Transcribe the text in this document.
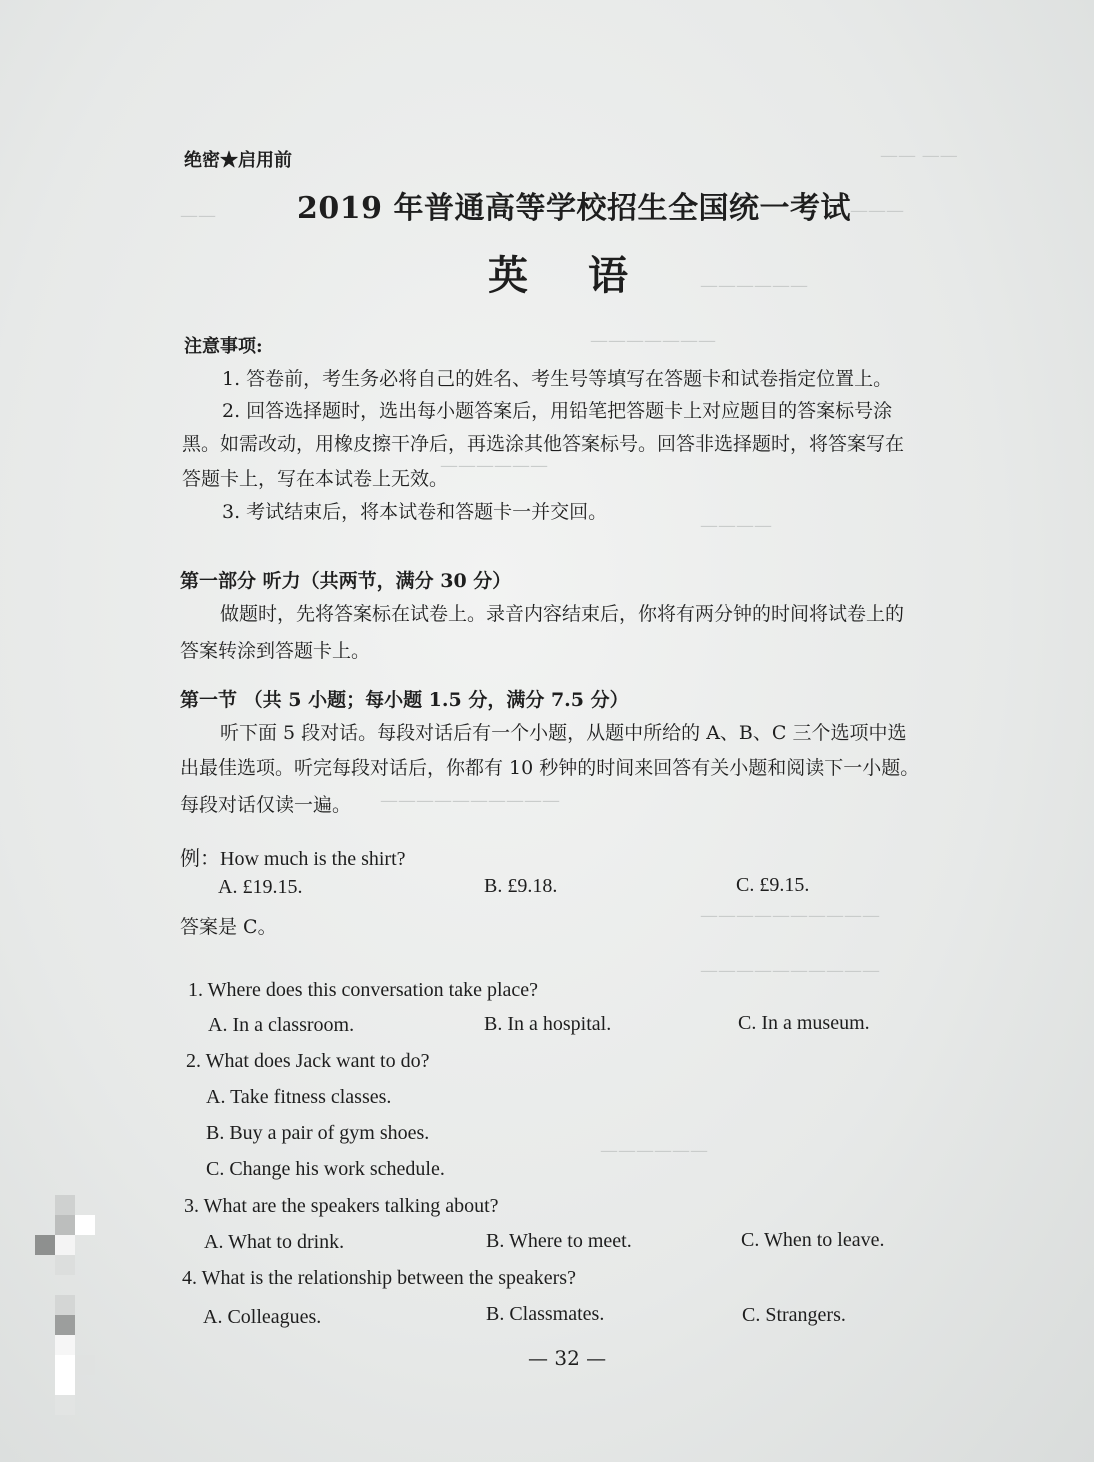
—— ——
——	———
——————
———————
——————
————
——————————
——————————
——————————
——————
绝密★启用前
2019 年普通高等学校招生全国统一考试
英语
注意事项:
1. 答卷前，考生务必将自己的姓名、考生号等填写在答题卡和试卷指定位置上。
2. 回答选择题时，选出每小题答案后，用铅笔把答题卡上对应题目的答案标号涂
黑。如需改动，用橡皮擦干净后，再选涂其他答案标号。回答非选择题时，将答案写在
答题卡上，写在本试卷上无效。
3. 考试结束后，将本试卷和答题卡一并交回。
第一部分 听力（共两节，满分 30 分）
做题时，先将答案标在试卷上。录音内容结束后，你将有两分钟的时间将试卷上的
答案转涂到答题卡上。
第一节 （共 5 小题；每小题 1.5 分，满分 7.5 分）
听下面 5 段对话。每段对话后有一个小题，从题中所给的 A、B、C 三个选项中选
出最佳选项。听完每段对话后，你都有 10 秒钟的时间来回答有关小题和阅读下一小题。
每段对话仅读一遍。
例：How much is the shirt?
A. £19.15.	B. £9.18.	C. £9.15.
答案是 C。
1. Where does this conversation take place?
A. In a classroom.	B. In a hospital.	C. In a museum.
2. What does Jack want to do?
A. Take fitness classes.
B. Buy a pair of gym shoes.
C. Change his work schedule.
3. What are the speakers talking about?
A. What to drink.	B. Where to meet.	C. When to leave.
4. What is the relationship between the speakers?
A. Colleagues.	B. Classmates.	C. Strangers.
— 32 —
